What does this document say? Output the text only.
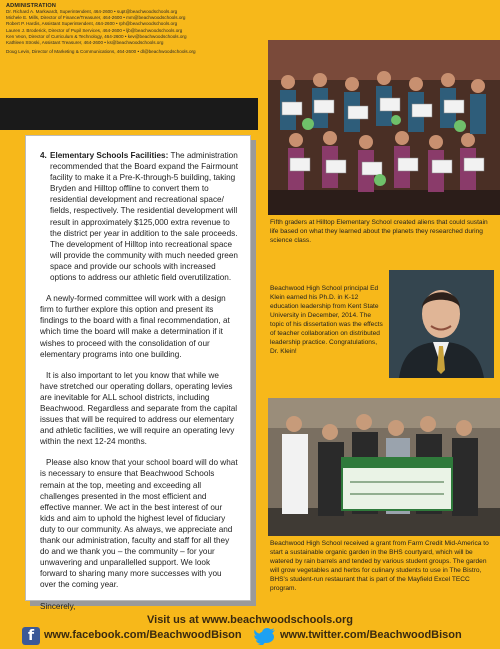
ADMINISTRATION
Dr. Richard A. Markwardt, Superintendent, 464-2600 • supt@beachwoodschools.org
Michele E. Mills, Director of Finance/Treasurer, 464-2600 • mm@beachwoodschools.org
Robert P. Hardis, Assistant Superintendent, 464-2600 • rph@beachwoodschools.org
Lauren J. Broderick, Director of Pupil Services, 464-2600 • ljb@beachwoodschools.org
Ken Veon, Director of Curriculum & Technology, 464-2600 • kev@beachwoodschools.org
Kathleen Stroski, Assistant Treasurer, 464-2600 • ks@beachwoodschools.org
Doug Levin, Director of Marketing & Communications, 464-2600 • dl@beachwoodschools.org
4. Elementary Schools Facilities: The administration recommended that the Board expand the Fairmount facility to make it a Pre-K-through-5 building, taking Bryden and Hilltop offline to convert them to residential development and recreational space/ fields, respectively. The residential development will result in approximately $125,000 extra revenue to the district per year in addition to the sale proceeds. The development of Hilltop into recreational space will provide the community with much needed green space and provide our schools with increased options to address our athletic field overutilization.

A newly-formed committee will work with a design firm to further explore this option and present its findings to the board with a final recommendation, at which time the board will make a determination if it wishes to proceed with the consolidation of our elementary programs into one building.

It is also important to let you know that while we have stretched our operating dollars, operating levies are inevitable for ALL school districts, including Beachwood. Regardless and separate from the capital issues that will be required to address our elementary and athletic facilities, we will require an operating levy within the next 12-24 months.

Please also know that your school board will do what is necessary to ensure that Beachwood Schools remain at the top, meeting and exceeding all challenges presented in the most efficient and effective manner. We act in the best interest of our kids and aim to uphold the highest level of fiduciary duty to our community. As always, we appreciate and thank our administration, faculty and staff for all they do and we thank you – the community – for your unwavering and unparallelled support. We look forward to sharing many more successes with you over the coming year.

Sincerely,
Fifth graders at Hilltop Elementary School created aliens that could sustain life based on what they learned about the planets they researched during science class.
Beachwood High School principal Ed Klein earned his Ph.D. in K-12 education leadership from Kent State University in December, 2014. The topic of his dissertation was the effects of teacher collaboration on distributed leadership practice. Congratulations, Dr. Klein!
Beachwood High School received a grant from Farm Credit Mid-America to start a sustainable organic garden in the BHS courtyard, which will be watered by rain barrels and tended by various student groups. The garden will grow vegetables and herbs for culinary students to use in The Bistro, BHS's student-run restaurant that is part of the Mayfield Excel TECC program.
Visit us at www.beachwoodschools.org
f www.facebook.com/BeachwoodBison	www.twitter.com/BeachwoodBison
